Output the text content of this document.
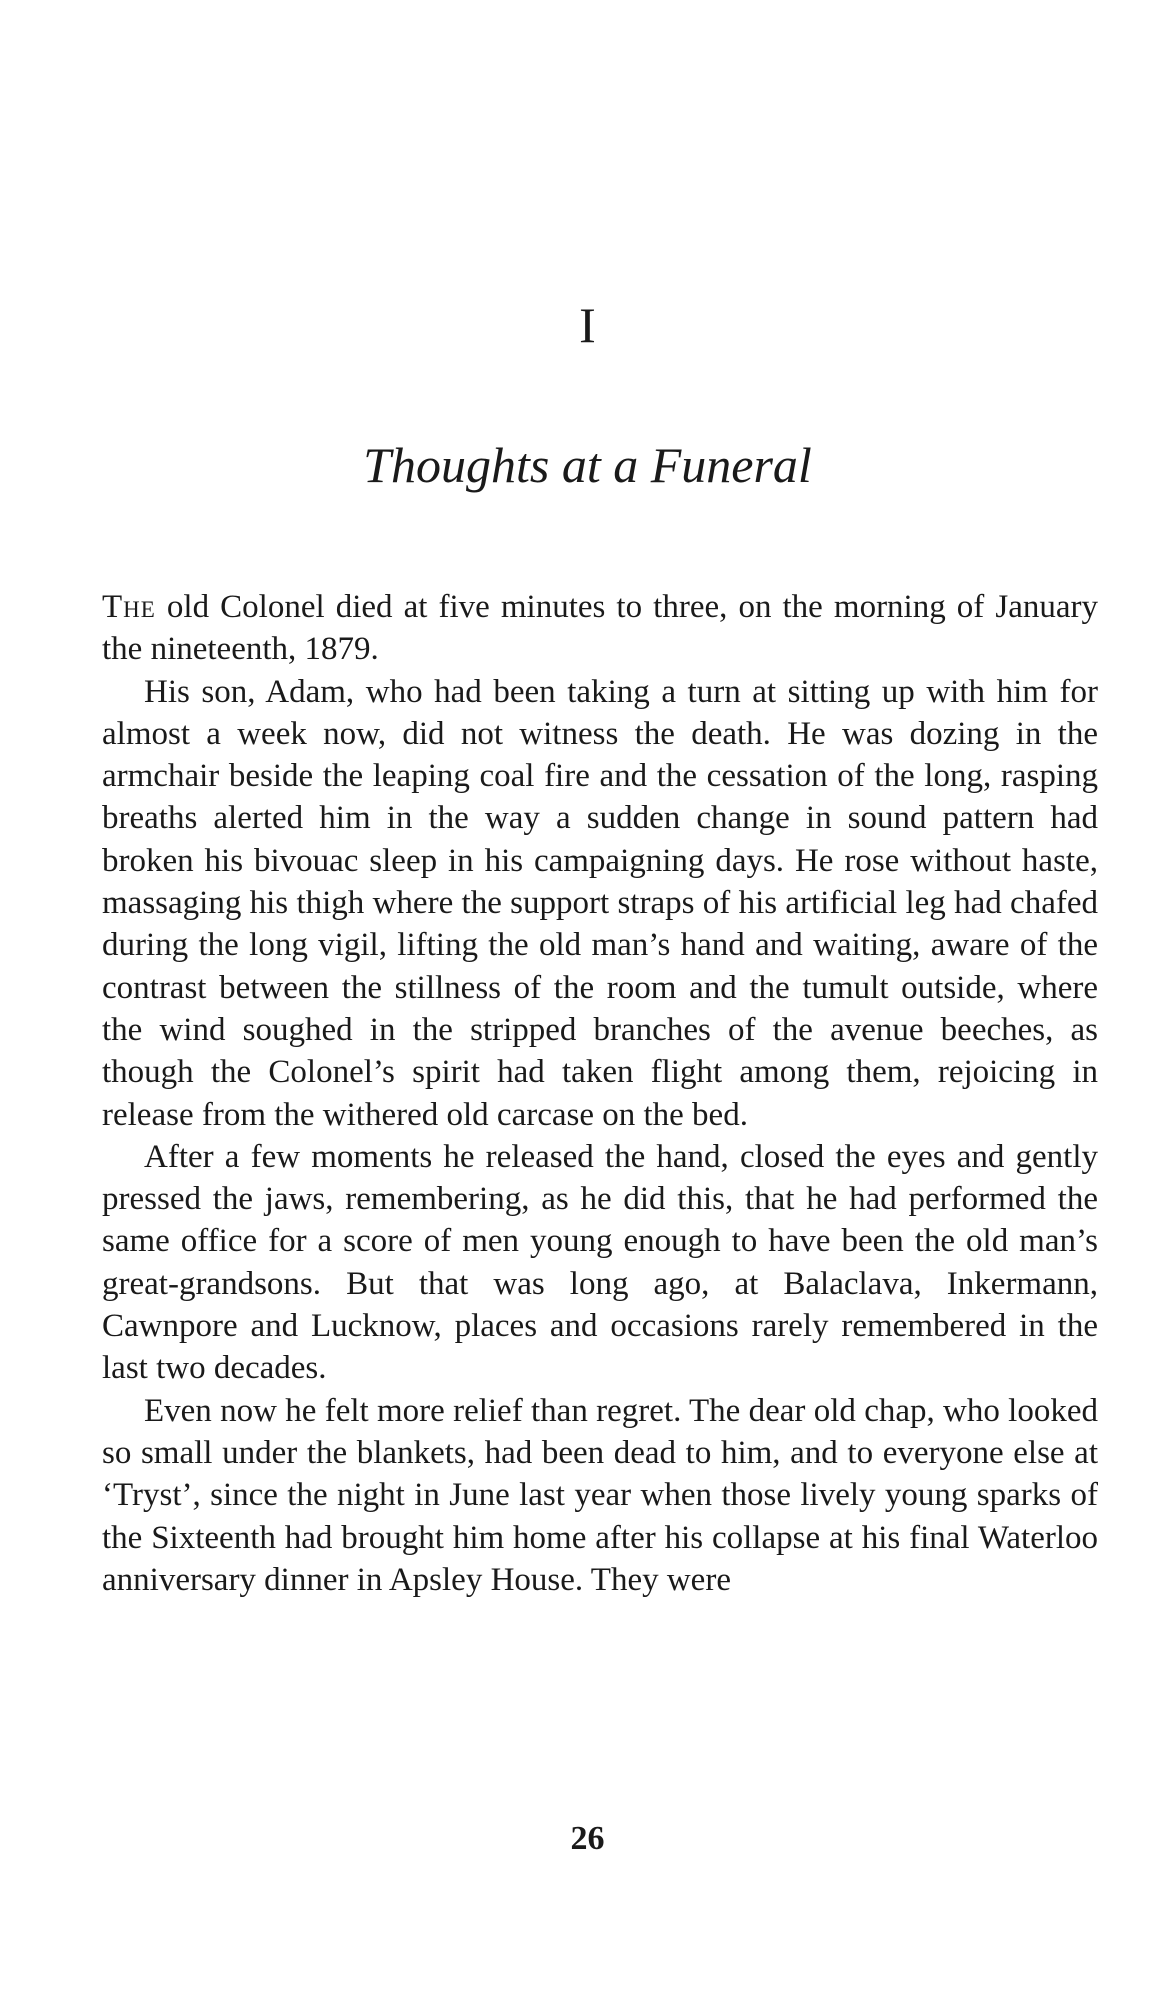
I
Thoughts at a Funeral

The old Colonel died at five minutes to three, on the morning of January the nineteenth, 1879.

His son, Adam, who had been taking a turn at sitting up with him for almost a week now, did not witness the death. He was dozing in the armchair beside the leaping coal fire and the cessation of the long, rasping breaths alerted him in the way a sudden change in sound pattern had broken his bivouac sleep in his campaigning days. He rose without haste, massaging his thigh where the support straps of his artificial leg had chafed during the long vigil, lifting the old man’s hand and waiting, aware of the contrast between the stillness of the room and the tumult outside, where the wind soughed in the stripped branches of the avenue beeches, as though the Colonel’s spirit had taken flight among them, rejoicing in release from the withered old carcase on the bed.

After a few moments he released the hand, closed the eyes and gently pressed the jaws, remembering, as he did this, that he had performed the same office for a score of men young enough to have been the old man’s great-grandsons. But that was long ago, at Balaclava, Inkermann, Cawnpore and Lucknow, places and occasions rarely remembered in the last two decades.

Even now he felt more relief than regret. The dear old chap, who looked so small under the blankets, had been dead to him, and to everyone else at ‘Tryst’, since the night in June last year when those lively young sparks of the Sixteenth had brought him home after his collapse at his final Waterloo anniversary dinner in Apsley House. They were

26
